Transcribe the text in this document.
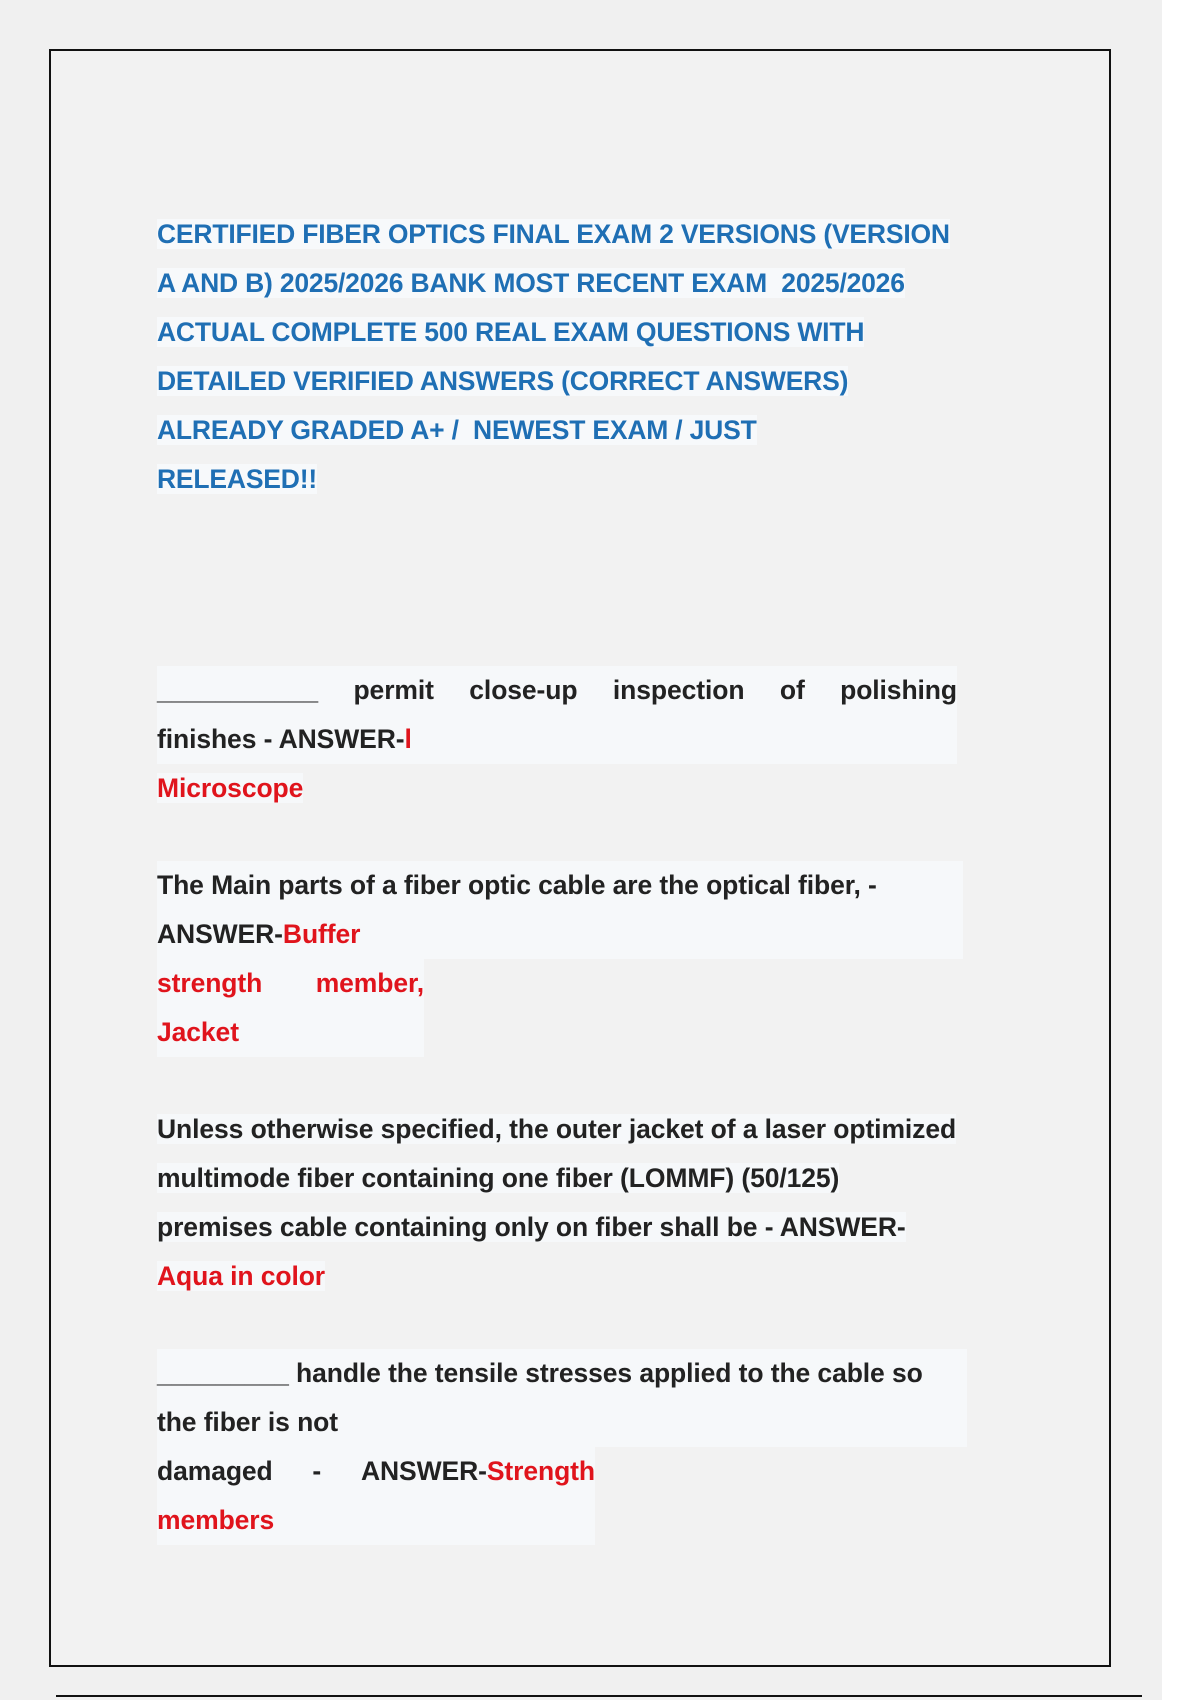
CERTIFIED FIBER OPTICS FINAL EXAM 2 VERSIONS (VERSION
A AND B) 2025/2026 BANK MOST RECENT EXAM  2025/2026
ACTUAL COMPLETE 500 REAL EXAM QUESTIONS WITH
DETAILED VERIFIED ANSWERS (CORRECT ANSWERS)
ALREADY GRADED A+ /  NEWEST EXAM / JUST
RELEASED!!
___________ permit close-up inspection of polishing
finishes - ANSWER-l
Microscope
The Main parts of a fiber optic cable are the optical fiber, -
ANSWER-Buffer
strength member,
Jacket
Unless otherwise specified, the outer jacket of a laser optimized
multimode fiber containing one fiber (LOMMF) (50/125)
premises cable containing only on fiber shall be - ANSWER-
Aqua in color
_________ handle the tensile stresses applied to the cable so
the fiber is not
damaged - ANSWER-Strength
members
